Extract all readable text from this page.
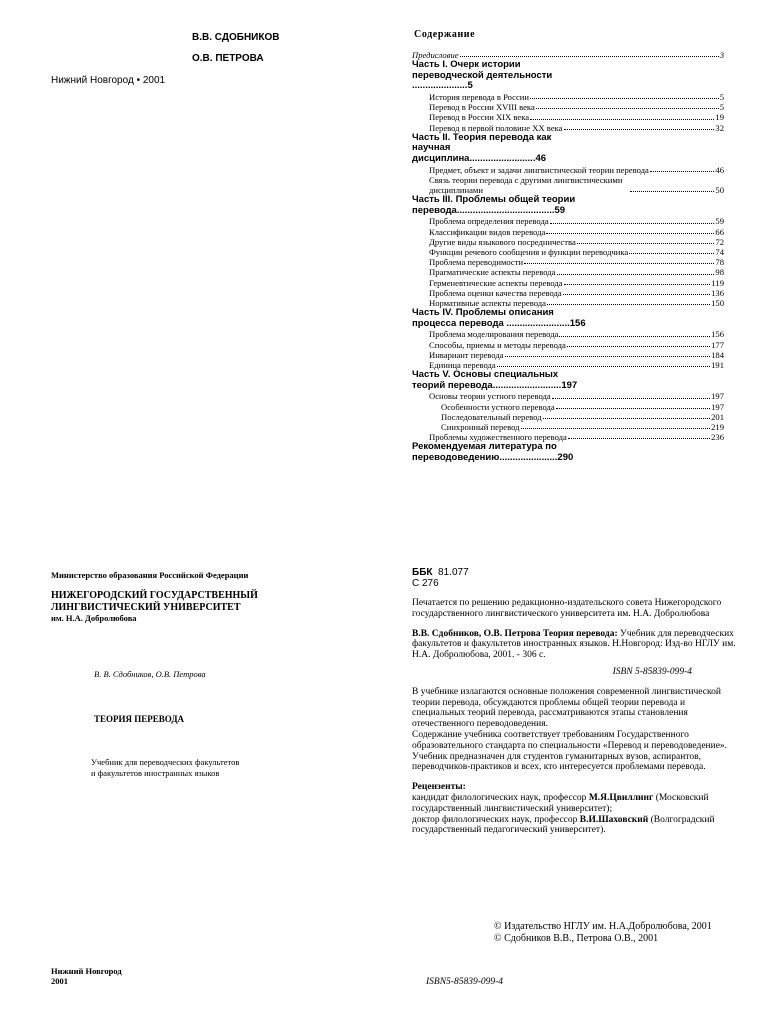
В.В. СДОБНИКОВ
О.В. ПЕТРОВА
Нижний Новгород • 2001
Содержание
Предисловие	3
Часть I. Очерк истории переводческой деятельности .....................5
История перевода в России	5
Перевод в России XVIII века	5
Перевод в России XIX века	19
Перевод в первой половине XX века	32
Часть II. Теория перевода как научная дисциплина.........................46
Предмет, объект и задачи лингвистической теории перевода	46
Связь теории перевода с другими лингвистическими дисциплинами	50
Часть III. Проблемы общей теории перевода.....................................59
Проблема определения перевода	59
Классификации видов перевода	66
Другие виды языкового посредничества	72
Функции речевого сообщения и функции переводчика	74
Проблема переводимости	78
Прагматические аспекты перевода	98
Герменевтические аспекты перевода	119
Проблема оценки качества перевода	136
Нормативные аспекты перевода	150
Часть IV. Проблемы описания процесса перевода ........................156
Проблема моделирования перевода	156
Способы, приемы и методы перевода	177
Инвариант перевода	184
Единица перевода	191
Часть V. Основы специальных теорий перевода..........................197
Основы теории устного перевода	197
Особенности устного перевода	197
Последовательный перевод	201
Синхронный перевод	219
Проблемы художественного перевода	236
Рекомендуемая литература по переводоведению......................290
Министерство образования Российской Федерации
НИЖЕГОРОДСКИЙ ГОСУДАРСТВЕННЫЙ
ЛИНГВИСТИЧЕСКИЙ УНИВЕРСИТЕТ
им. Н.А. Добролюбова
В. В. Сдобников, О.В. Петрова
ТЕОРИЯ ПЕРЕВОДА
Учебник для переводческих факультетов
и факультетов иностранных языков
Нижний Новгород
2001
ББК 81.077
С 276

Печатается по решению редакционно-издательского совета Нижегородского государственного лингвистического университета им. Н.А. Добролюбова

В.В. Сдобников, О.В. Петрова Теория перевода: Учебник для переводческих факультетов и факультетов иностранных языков. Н.Новгород: Изд-во НГЛУ им. Н.А. Добролюбова, 2001. - 306 с.

ISBN 5-85839-099-4

В учебнике излагаются основные положения современной лингвистической теории перевода, обсуждаются проблемы общей теории перевода и специальных теорий перевода, рассматриваются этапы становления отечественного переводоведения.

Содержание учебника соответствует требованиям Государственного образовательного стандарта по специальности «Перевод и переводоведение».

Учебник предназначен для студентов гуманитарных вузов, аспирантов, переводчиков-практиков и всех, кто интересуется проблемами перевода.

Рецензенты:

кандидат филологических наук, профессор М.Я.Цвиллинг (Московский государственный лингвистический университет);

доктор филологических наук, профессор В.И.Шаховский (Волгоградский государственный педагогический университет).

© Издательство НГЛУ им. Н.А.Добролюбова, 2001
© Сдобников В.В., Петрова О.В., 2001
ISBN5-85839-099-4
